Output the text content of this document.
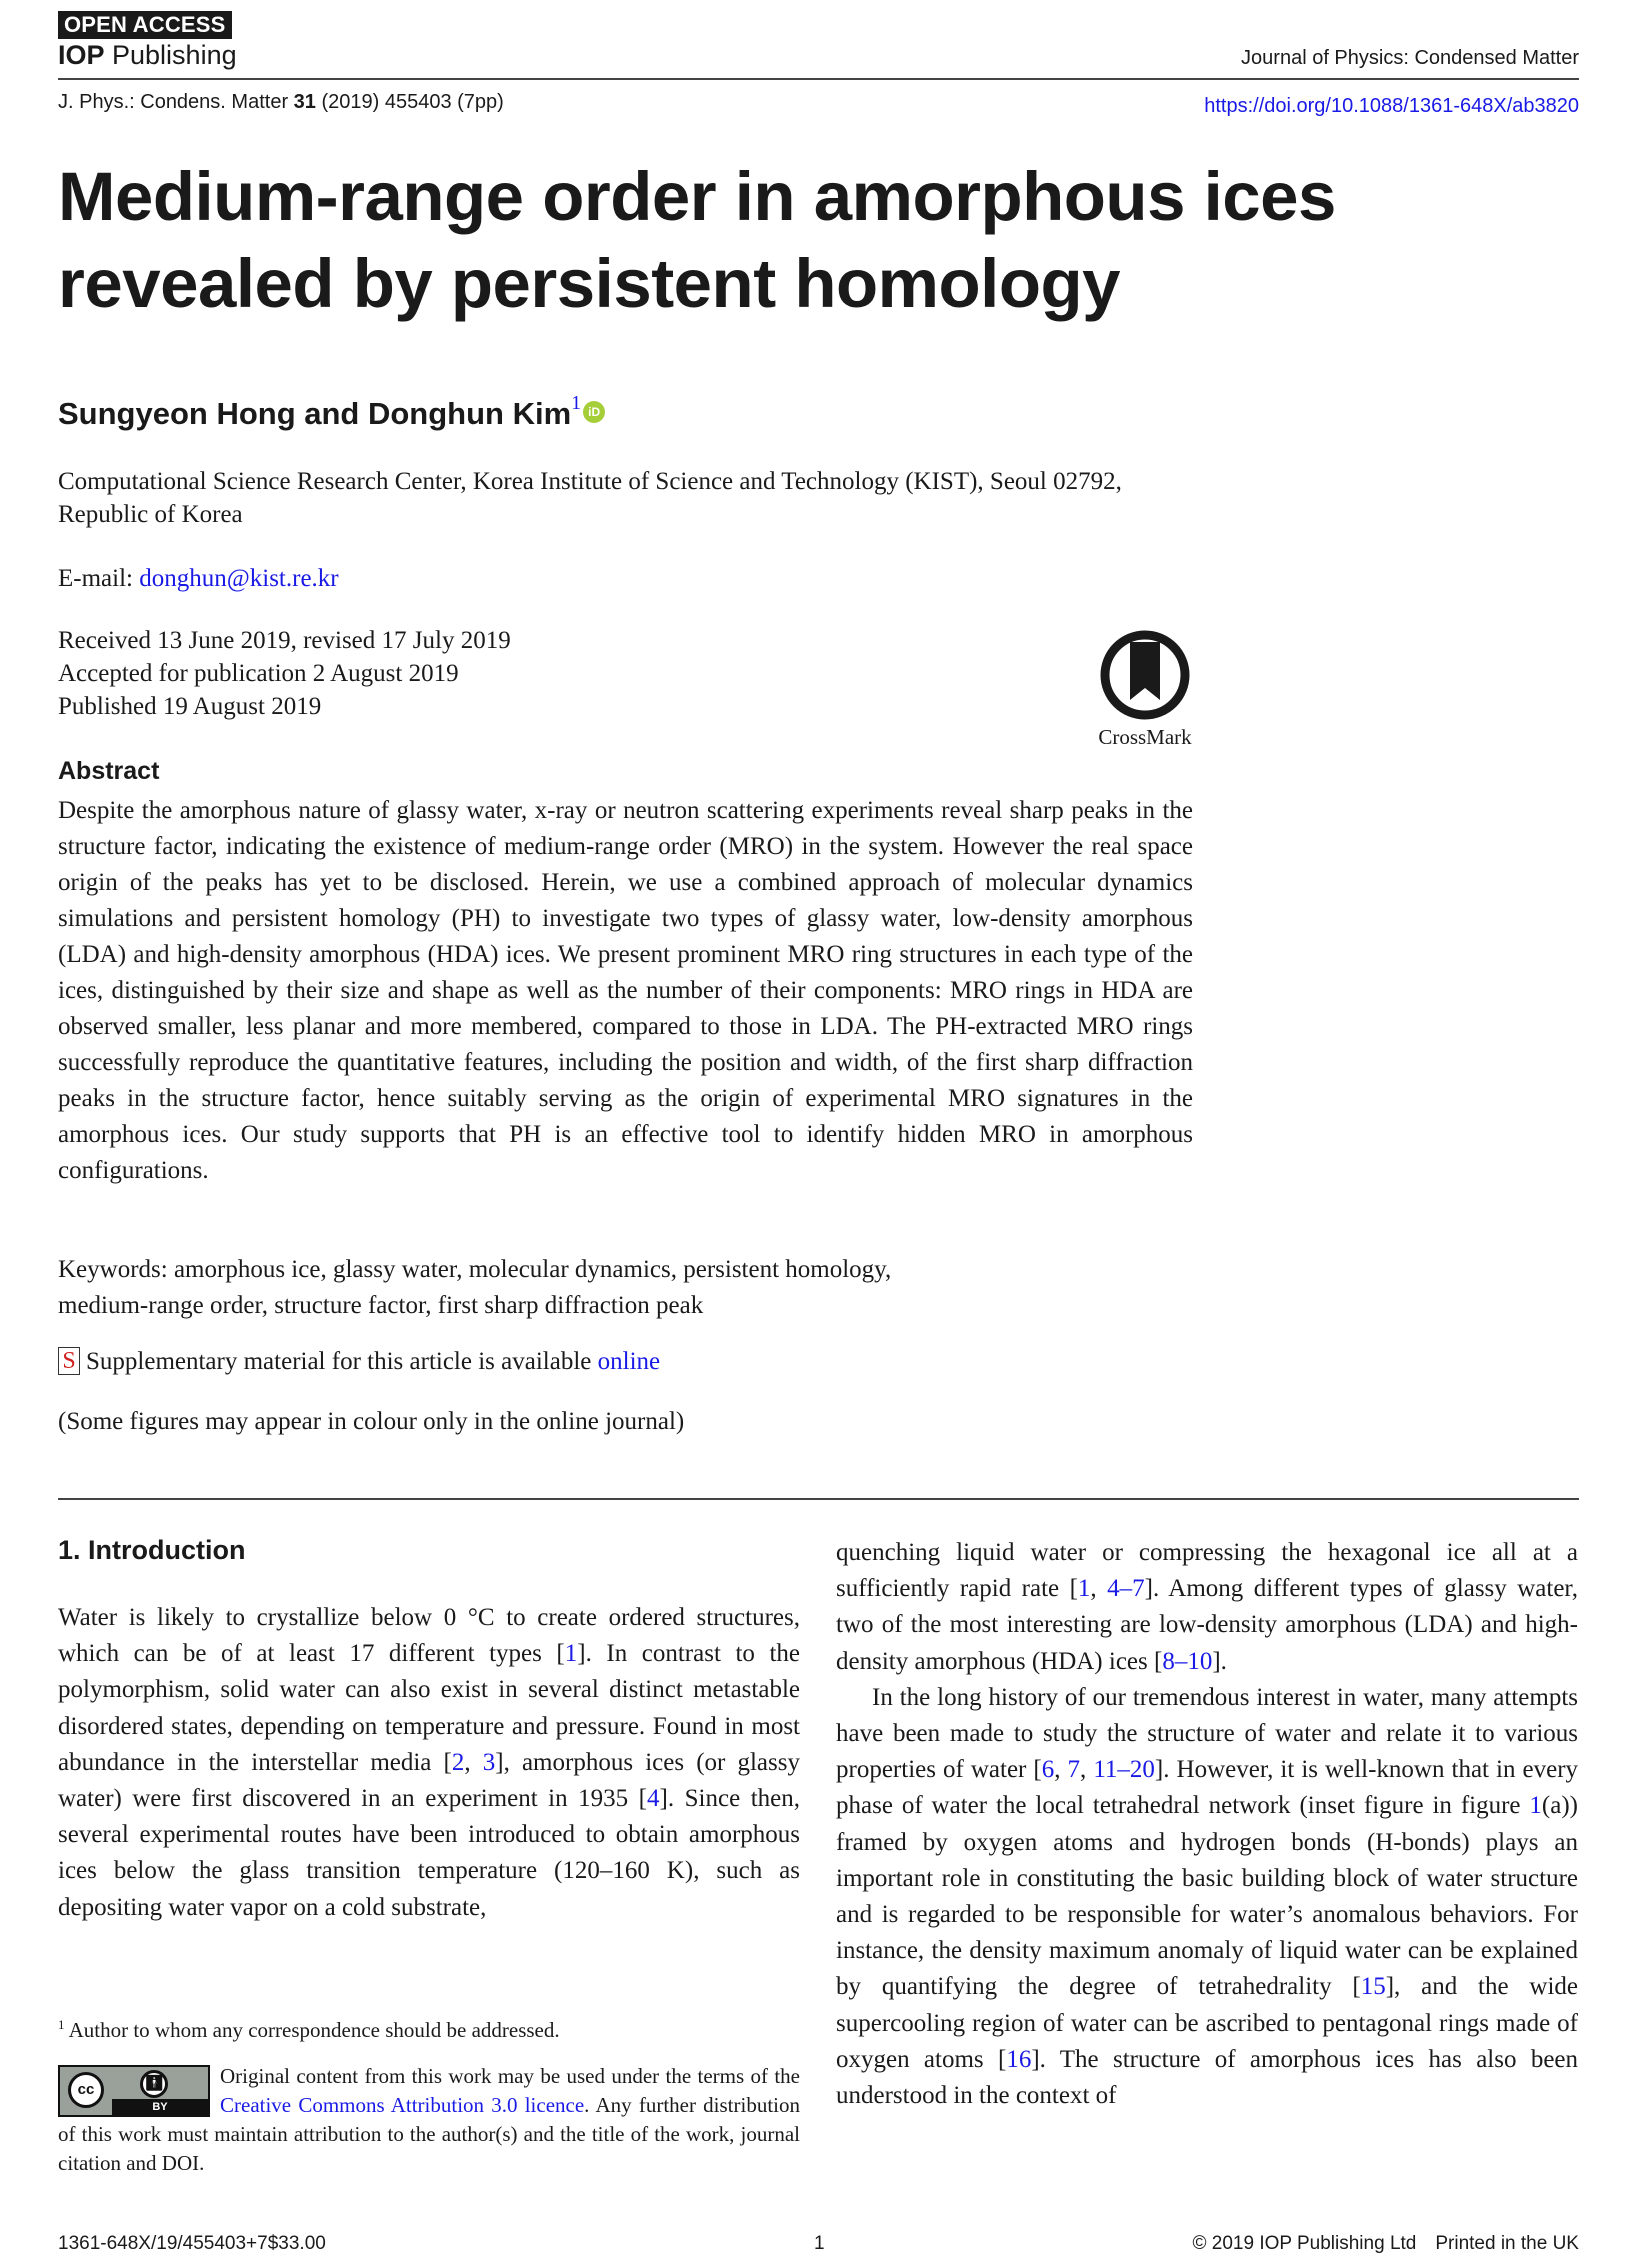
OPEN ACCESS
IOP Publishing	Journal of Physics: Condensed Matter
J. Phys.: Condens. Matter 31 (2019) 455403 (7pp)	https://doi.org/10.1088/1361-648X/ab3820
Medium-range order in amorphous ices
revealed by persistent homology
Sungyeon Hong and Donghun Kim$^1$ iD
Computational Science Research Center, Korea Institute of Science and Technology (KIST), Seoul 02792,
Republic of Korea
E-mail: donghun@kist.re.kr
Received 13 June 2019, revised 17 July 2019
Accepted for publication 2 August 2019
Published 19 August 2019
CrossMark
Abstract
Despite the amorphous nature of glassy water, x-ray or neutron scattering experiments reveal sharp peaks in the structure factor, indicating the existence of medium-range order (MRO) in the system. However the real space origin of the peaks has yet to be disclosed. Herein, we use a combined approach of molecular dynamics simulations and persistent homology (PH) to investigate two types of glassy water, low-density amorphous (LDA) and high-density amorphous (HDA) ices. We present prominent MRO ring structures in each type of the ices, distinguished by their size and shape as well as the number of their components: MRO rings in HDA are observed smaller, less planar and more membered, compared to those in LDA. The PH-extracted MRO rings successfully reproduce the quantitative features, including the position and width, of the first sharp diffraction peaks in the structure factor, hence suitably serving as the origin of experimental MRO signatures in the amorphous ices. Our study supports that PH is an effective tool to identify hidden MRO in amorphous configurations.
Keywords: amorphous ice, glassy water, molecular dynamics, persistent homology,
medium-range order, structure factor, first sharp diffraction peak
S Supplementary material for this article is available online
(Some figures may appear in colour only in the online journal)
1. Introduction
Water is likely to crystallize below 0 °C to create ordered structures, which can be of at least 17 different types [1]. In contrast to the polymorphism, solid water can also exist in several distinct metastable disordered states, depending on temperature and pressure. Found in most abundance in the interstellar media [2, 3], amorphous ices (or glassy water) were first discovered in an experiment in 1935 [4]. Since then, several experimental routes have been introduced to obtain amorphous ices below the glass transition temperature (120–160 K), such as depositing water vapor on a cold substrate,
quenching liquid water or compressing the hexagonal ice all at a sufficiently rapid rate [1, 4–7]. Among different types of glassy water, two of the most interesting are low-density amorphous (LDA) and high-density amorphous (HDA) ices [8–10].
In the long history of our tremendous interest in water, many attempts have been made to study the structure of water and relate it to various properties of water [6, 7, 11–20]. However, it is well-known that in every phase of water the local tetrahedral network (inset figure in figure 1(a)) framed by oxygen atoms and hydrogen bonds (H-bonds) plays an important role in constituting the basic building block of water structure and is regarded to be responsible for water’s anomalous behaviors. For instance, the density maximum anomaly of liquid water can be explained by quantifying the degree of tetrahedrality [15], and the wide supercooling region of water can be ascribed to pentagonal rings made of oxygen atoms [16]. The structure of amorphous ices has also been understood in the context of
$^1$ Author to whom any correspondence should be addressed.
cc	🚹︎
BY
Original content from this work may be used under the terms of the Creative Commons Attribution 3.0 licence. Any further distribution of this work must maintain attribution to the author(s) and the title of the work, journal citation and DOI.
1361-648X/19/455403+7$33.00	1	© 2019 IOP Publishing Ltd Printed in the UK
